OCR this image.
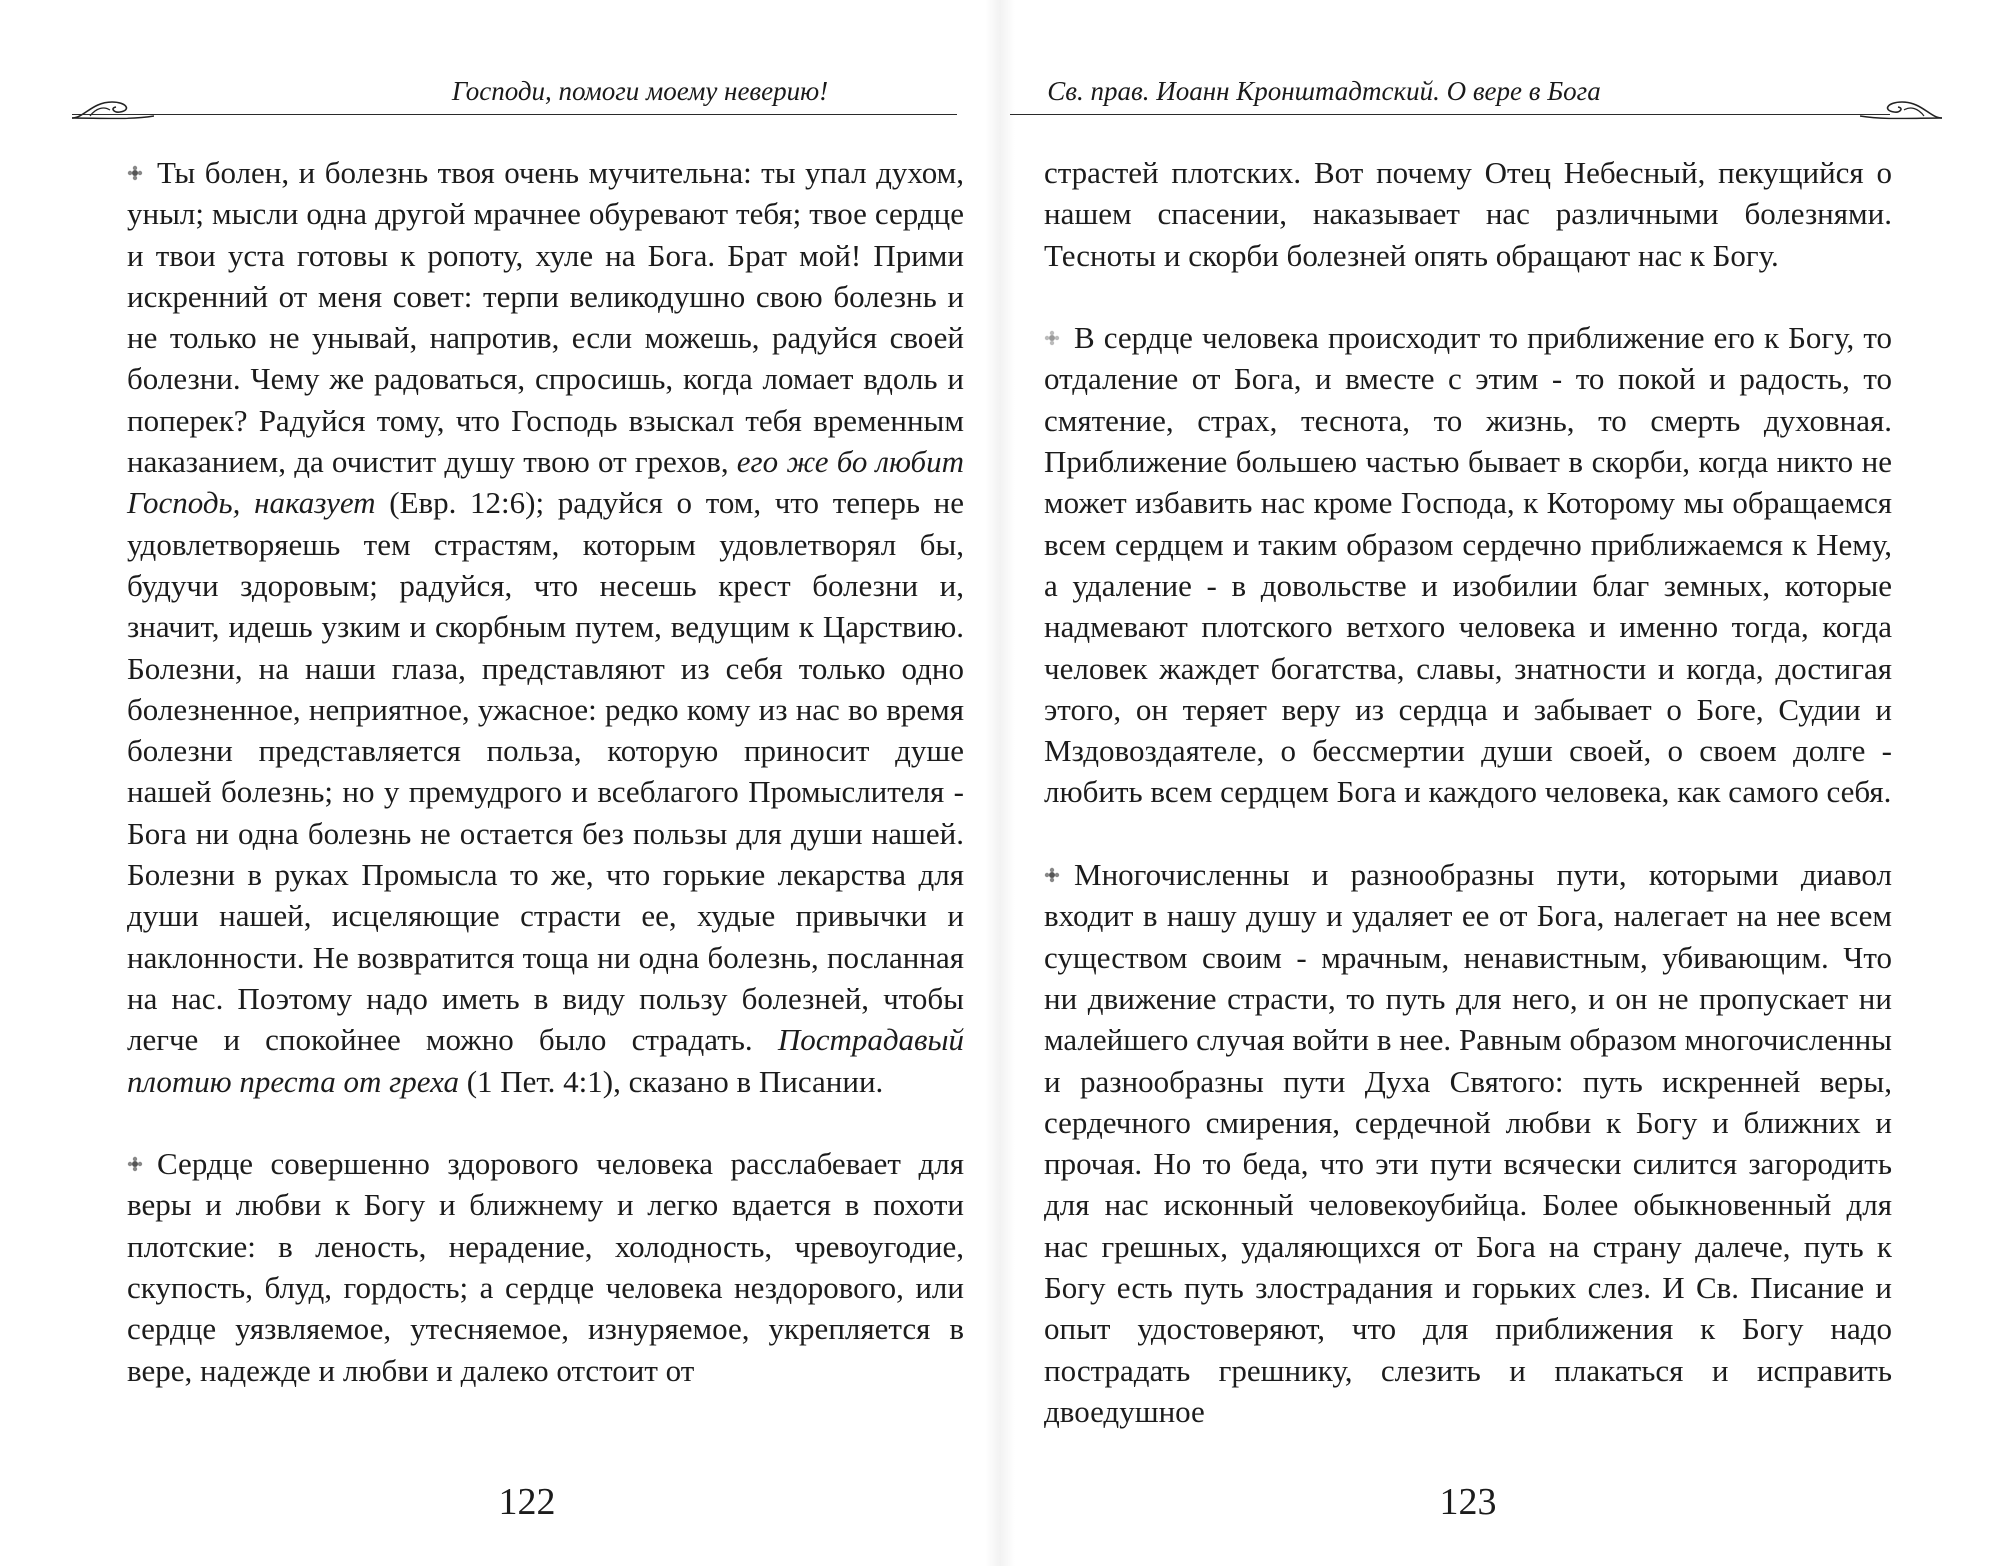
Господи, помоги моему неверию!

Ты болен, и болезнь твоя очень мучительна: ты упал духом, уныл; мысли одна другой мрачнее обуревают тебя; твое сердце и твои уста готовы к ропоту, хуле на Бога. Брат мой! Прими искренний от меня совет: терпи великодушно свою болезнь и не только не унывай, напротив, если можешь, радуйся своей болезни. Чему же радоваться, спросишь, когда ломает вдоль и поперек? Радуйся тому, что Господь взыскал тебя временным наказанием, да очистит душу твою от грехов, его же бо любит Господь, наказует (Евр. 12:6); радуйся о том, что теперь не удовлетворяешь тем страстям, которым удовлетворял бы, будучи здоровым; радуйся, что несешь крест болезни и, значит, идешь узким и скорбным путем, ведущим к Царствию. Болезни, на наши глаза, представляют из себя только одно болезненное, неприятное, ужасное: редко кому из нас во время болезни представляется польза, которую приносит душе нашей болезнь; но у премудрого и всеблагого Промыслителя - Бога ни одна болезнь не остается без пользы для души нашей. Болезни в руках Промысла то же, что горькие лекарства для души нашей, исцеляющие страсти ее, худые привычки и наклонности. Не возвратится тоща ни одна болезнь, посланная на нас. Поэтому надо иметь в виду пользу болезней, чтобы легче и спокойнее можно было страдать. Пострадавый плотию преста от греха (1 Пет. 4:1), сказано в Писании.

Сердце совершенно здорового человека расслабевает для веры и любви к Богу и ближнему и легко вдается в похоти плотские: в леность, нерадение, холодность, чревоугодие, скупость, блуд, гордость; а сердце человека нездорового, или сердце уязвляемое, утесняемое, изнуряемое, укрепляется в вере, надежде и любви и далеко отстоит от

122
Св. прав. Иоанн Кронштадтский. О вере в Бога

страстей плотских. Вот почему Отец Небесный, пекущийся о нашем спасении, наказывает нас различными болезнями. Тесноты и скорби болезней опять обращают нас к Богу.

В сердце человека происходит то приближение его к Богу, то отдаление от Бога, и вместе с этим - то покой и радость, то смятение, страх, теснота, то жизнь, то смерть духовная. Приближение большею частью бывает в скорби, когда никто не может избавить нас кроме Господа, к Которому мы обращаемся всем сердцем и таким образом сердечно приближаемся к Нему, а удаление - в довольстве и изобилии благ земных, которые надмевают плотского ветхого человека и именно тогда, когда человек жаждет богатства, славы, знатности и когда, достигая этого, он теряет веру из сердца и забывает о Боге, Судии и Мздовоздаятеле, о бессмертии души своей, о своем долге - любить всем сердцем Бога и каждого человека, как самого себя.

Многочисленны и разнообразны пути, которыми диавол входит в нашу душу и удаляет ее от Бога, налегает на нее всем существом своим - мрачным, ненавистным, убивающим. Что ни движение страсти, то путь для него, и он не пропускает ни малейшего случая войти в нее. Равным образом многочисленны и разнообразны пути Духа Святого: путь искренней веры, сердечного смирения, сердечной любви к Богу и ближних и прочая. Но то беда, что эти пути всячески силится загородить для нас исконный человекоубийца. Более обыкновенный для нас грешных, удаляющихся от Бога на страну далече, путь к Богу есть путь злострадания и горьких слез. И Св. Писание и опыт удостоверяют, что для приближения к Богу надо пострадать грешнику, слезить и плакаться и исправить двоедушное

123
